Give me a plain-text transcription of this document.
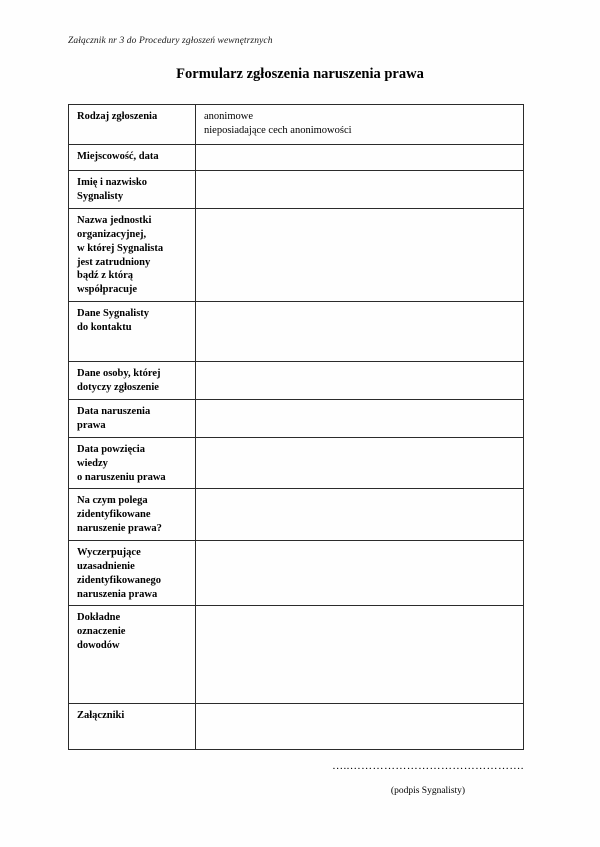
Załącznik nr 3 do Procedury zgłoszeń wewnętrznych
Formularz zgłoszenia naruszenia prawa
Rodzaj zgłoszenia	anonimowe
nieposiadające cech anonimowości

Miejscowość, data	

Imię i nazwisko
Sygnalisty	

Nazwa jednostki
organizacyjnej,
w której Sygnalista
jest zatrudniony
bądź z którą
współpracuje

Dane Sygnalisty
do kontaktu	

Dane osoby, której
dotyczy zgłoszenie	

Data naruszenia
prawa	

Data powzięcia
wiedzy
o naruszeniu prawa	

Na czym polega
zidentyfikowane
naruszenie prawa?	

Wyczerpujące
uzasadnienie
zidentyfikowanego
naruszenia prawa	

Dokładne
oznaczenie
dowodów	

Załączniki	

…..……………………………………….
(podpis Sygnalisty)
